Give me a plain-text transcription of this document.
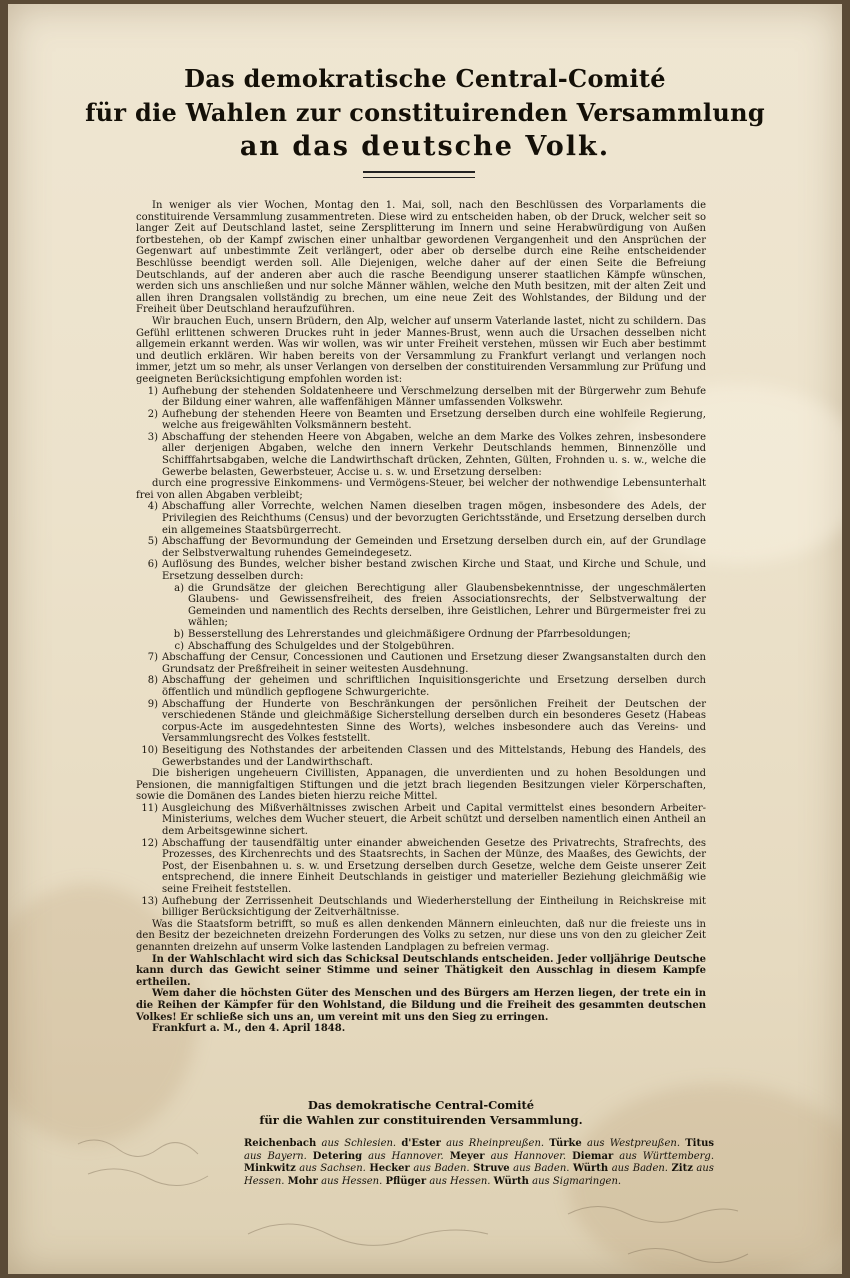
Das demokratische Central-Comité
für die Wahlen zur constituirenden Versammlung
an das deutsche Volk.

In weniger als vier Wochen, Montag den 1. Mai, soll, nach den Beschlüssen des Vorparlaments die constituirende Versammlung zusammentreten. Diese wird zu entscheiden haben, ob der Druck, welcher seit so langer Zeit auf Deutschland lastet, seine Zersplitterung im Innern und seine Herabwürdigung von Außen fortbestehen, ob der Kampf zwischen einer unhaltbar gewordenen Vergangenheit und den Ansprüchen der Gegenwart auf unbestimmte Zeit verlängert, oder aber ob derselbe durch eine Reihe entscheidender Beschlüsse beendigt werden soll. Alle Diejenigen, welche daher auf der einen Seite die Befreiung Deutschlands, auf der anderen aber auch die rasche Beendigung unserer staatlichen Kämpfe wünschen, werden sich uns anschließen und nur solche Männer wählen, welche den Muth besitzen, mit der alten Zeit und allen ihren Drangsalen vollständig zu brechen, um eine neue Zeit des Wohlstandes, der Bildung und der Freiheit über Deutschland heraufzuführen.

Wir brauchen Euch, unsern Brüdern, den Alp, welcher auf unserm Vaterlande lastet, nicht zu schildern. Das Gefühl erlittenen schweren Druckes ruht in jeder Mannes-Brust, wenn auch die Ursachen desselben nicht allgemein erkannt werden. Was wir wollen, was wir unter Freiheit verstehen, müssen wir Euch aber bestimmt und deutlich erklären. Wir haben bereits von der Versammlung zu Frankfurt verlangt und verlangen noch immer, jetzt um so mehr, als unser Verlangen von derselben der constituirenden Versammlung zur Prüfung und geeigneten Berücksichtigung empfohlen worden ist:

1) Aufhebung der stehenden Soldatenheere und Verschmelzung derselben mit der Bürgerwehr zum Behufe der Bildung einer wahren, alle waffenfähigen Männer umfassenden Volkswehr.
2) Aufhebung der stehenden Heere von Beamten und Ersetzung derselben durch eine wohlfeile Regierung, welche aus freigewählten Volksmännern besteht.
3) Abschaffung der stehenden Heere von Abgaben, welche an dem Marke des Volkes zehren, insbesondere aller derjenigen Abgaben, welche den innern Verkehr Deutschlands hemmen, Binnenzölle und Schifffahrtsabgaben, welche die Landwirthschaft drücken, Zehnten, Gülten, Frohnden u. s. w., welche die Gewerbe belasten, Gewerbsteuer, Accise u. s. w. und Ersetzung derselben:

durch eine progressive Einkommens- und Vermögens-Steuer, bei welcher der nothwendige Lebensunterhalt frei von allen Abgaben verbleibt;

4) Abschaffung aller Vorrechte, welchen Namen dieselben tragen mögen, insbesondere des Adels, der Privilegien des Reichthums (Census) und der bevorzugten Gerichtsstände, und Ersetzung derselben durch ein allgemeines Staatsbürgerrecht.
5) Abschaffung der Bevormundung der Gemeinden und Ersetzung derselben durch ein, auf der Grundlage der Selbstverwaltung ruhendes Gemeindegesetz.
6) Auflösung des Bundes, welcher bisher bestand zwischen Kirche und Staat, und Kirche und Schule, und Ersetzung desselben durch:
a) die Grundsätze der gleichen Berechtigung aller Glaubensbekenntnisse, der ungeschmälerten Glaubens- und Gewissensfreiheit, des freien Associationsrechts, der Selbstverwaltung der Gemeinden und namentlich des Rechts derselben, ihre Geistlichen, Lehrer und Bürgermeister frei zu wählen;
b) Besserstellung des Lehrerstandes und gleichmäßigere Ordnung der Pfarrbesoldungen;
c) Abschaffung des Schulgeldes und der Stolgebühren.
7) Abschaffung der Censur, Concessionen und Cautionen und Ersetzung dieser Zwangsanstalten durch den Grundsatz der Preßfreiheit in seiner weitesten Ausdehnung.
8) Abschaffung der geheimen und schriftlichen Inquisitionsgerichte und Ersetzung derselben durch öffentlich und mündlich gepflogene Schwurgerichte.
9) Abschaffung der Hunderte von Beschränkungen der persönlichen Freiheit der Deutschen der verschiedenen Stände und gleichmäßige Sicherstellung derselben durch ein besonderes Gesetz (Habeas corpus-Acte im ausgedehntesten Sinne des Worts), welches insbesondere auch das Vereins- und Versammlungsrecht des Volkes feststellt.
10) Beseitigung des Nothstandes der arbeitenden Classen und des Mittelstands, Hebung des Handels, des Gewerbstandes und der Landwirthschaft.

Die bisherigen ungeheuern Civillisten, Appanagen, die unverdienten und zu hohen Besoldungen und Pensionen, die mannigfaltigen Stiftungen und die jetzt brach liegenden Besitzungen vieler Körperschaften, sowie die Domänen des Landes bieten hierzu reiche Mittel.

11) Ausgleichung des Mißverhältnisses zwischen Arbeit und Capital vermittelst eines besondern Arbeiter-Ministeriums, welches dem Wucher steuert, die Arbeit schützt und derselben namentlich einen Antheil an dem Arbeitsgewinne sichert.
12) Abschaffung der tausendfältig unter einander abweichenden Gesetze des Privatrechts, Strafrechts, des Prozesses, des Kirchenrechts und des Staatsrechts, in Sachen der Münze, des Maaßes, des Gewichts, der Post, der Eisenbahnen u. s. w. und Ersetzung derselben durch Gesetze, welche dem Geiste unserer Zeit entsprechend, die innere Einheit Deutschlands in geistiger und materieller Beziehung gleichmäßig wie seine Freiheit feststellen.
13) Aufhebung der Zerrissenheit Deutschlands und Wiederherstellung der Eintheilung in Reichskreise mit billiger Berücksichtigung der Zeitverhältnisse.

Was die Staatsform betrifft, so muß es allen denkenden Männern einleuchten, daß nur die freieste uns in den Besitz der bezeichneten dreizehn Forderungen des Volks zu setzen, nur diese uns von den zu gleicher Zeit genannten dreizehn auf unserm Volke lastenden Landplagen zu befreien vermag.

In der Wahlschlacht wird sich das Schicksal Deutschlands entscheiden. Jeder volljährige Deutsche kann durch das Gewicht seiner Stimme und seiner Thätigkeit den Ausschlag in diesem Kampfe ertheilen.

Wem daher die höchsten Güter des Menschen und des Bürgers am Herzen liegen, der trete ein in die Reihen der Kämpfer für den Wohlstand, die Bildung und die Freiheit des gesammten deutschen Volkes! Er schließe sich uns an, um vereint mit uns den Sieg zu erringen.

Frankfurt a. M., den 4. April 1848.

Das demokratische Central-Comité
für die Wahlen zur constituirenden Versammlung.
Reichenbach aus Schlesien. d'Ester aus Rheinpreußen. Türke aus Westpreußen. Titus aus Bayern. Detering aus Hannover. Meyer aus Hannover. Diemar aus Württemberg. Minkwitz aus Sachsen. Hecker aus Baden. Struve aus Baden. Würth aus Baden. Zitz aus Hessen. Mohr aus Hessen. Pflüger aus Hessen. Würth aus Sigmaringen.
